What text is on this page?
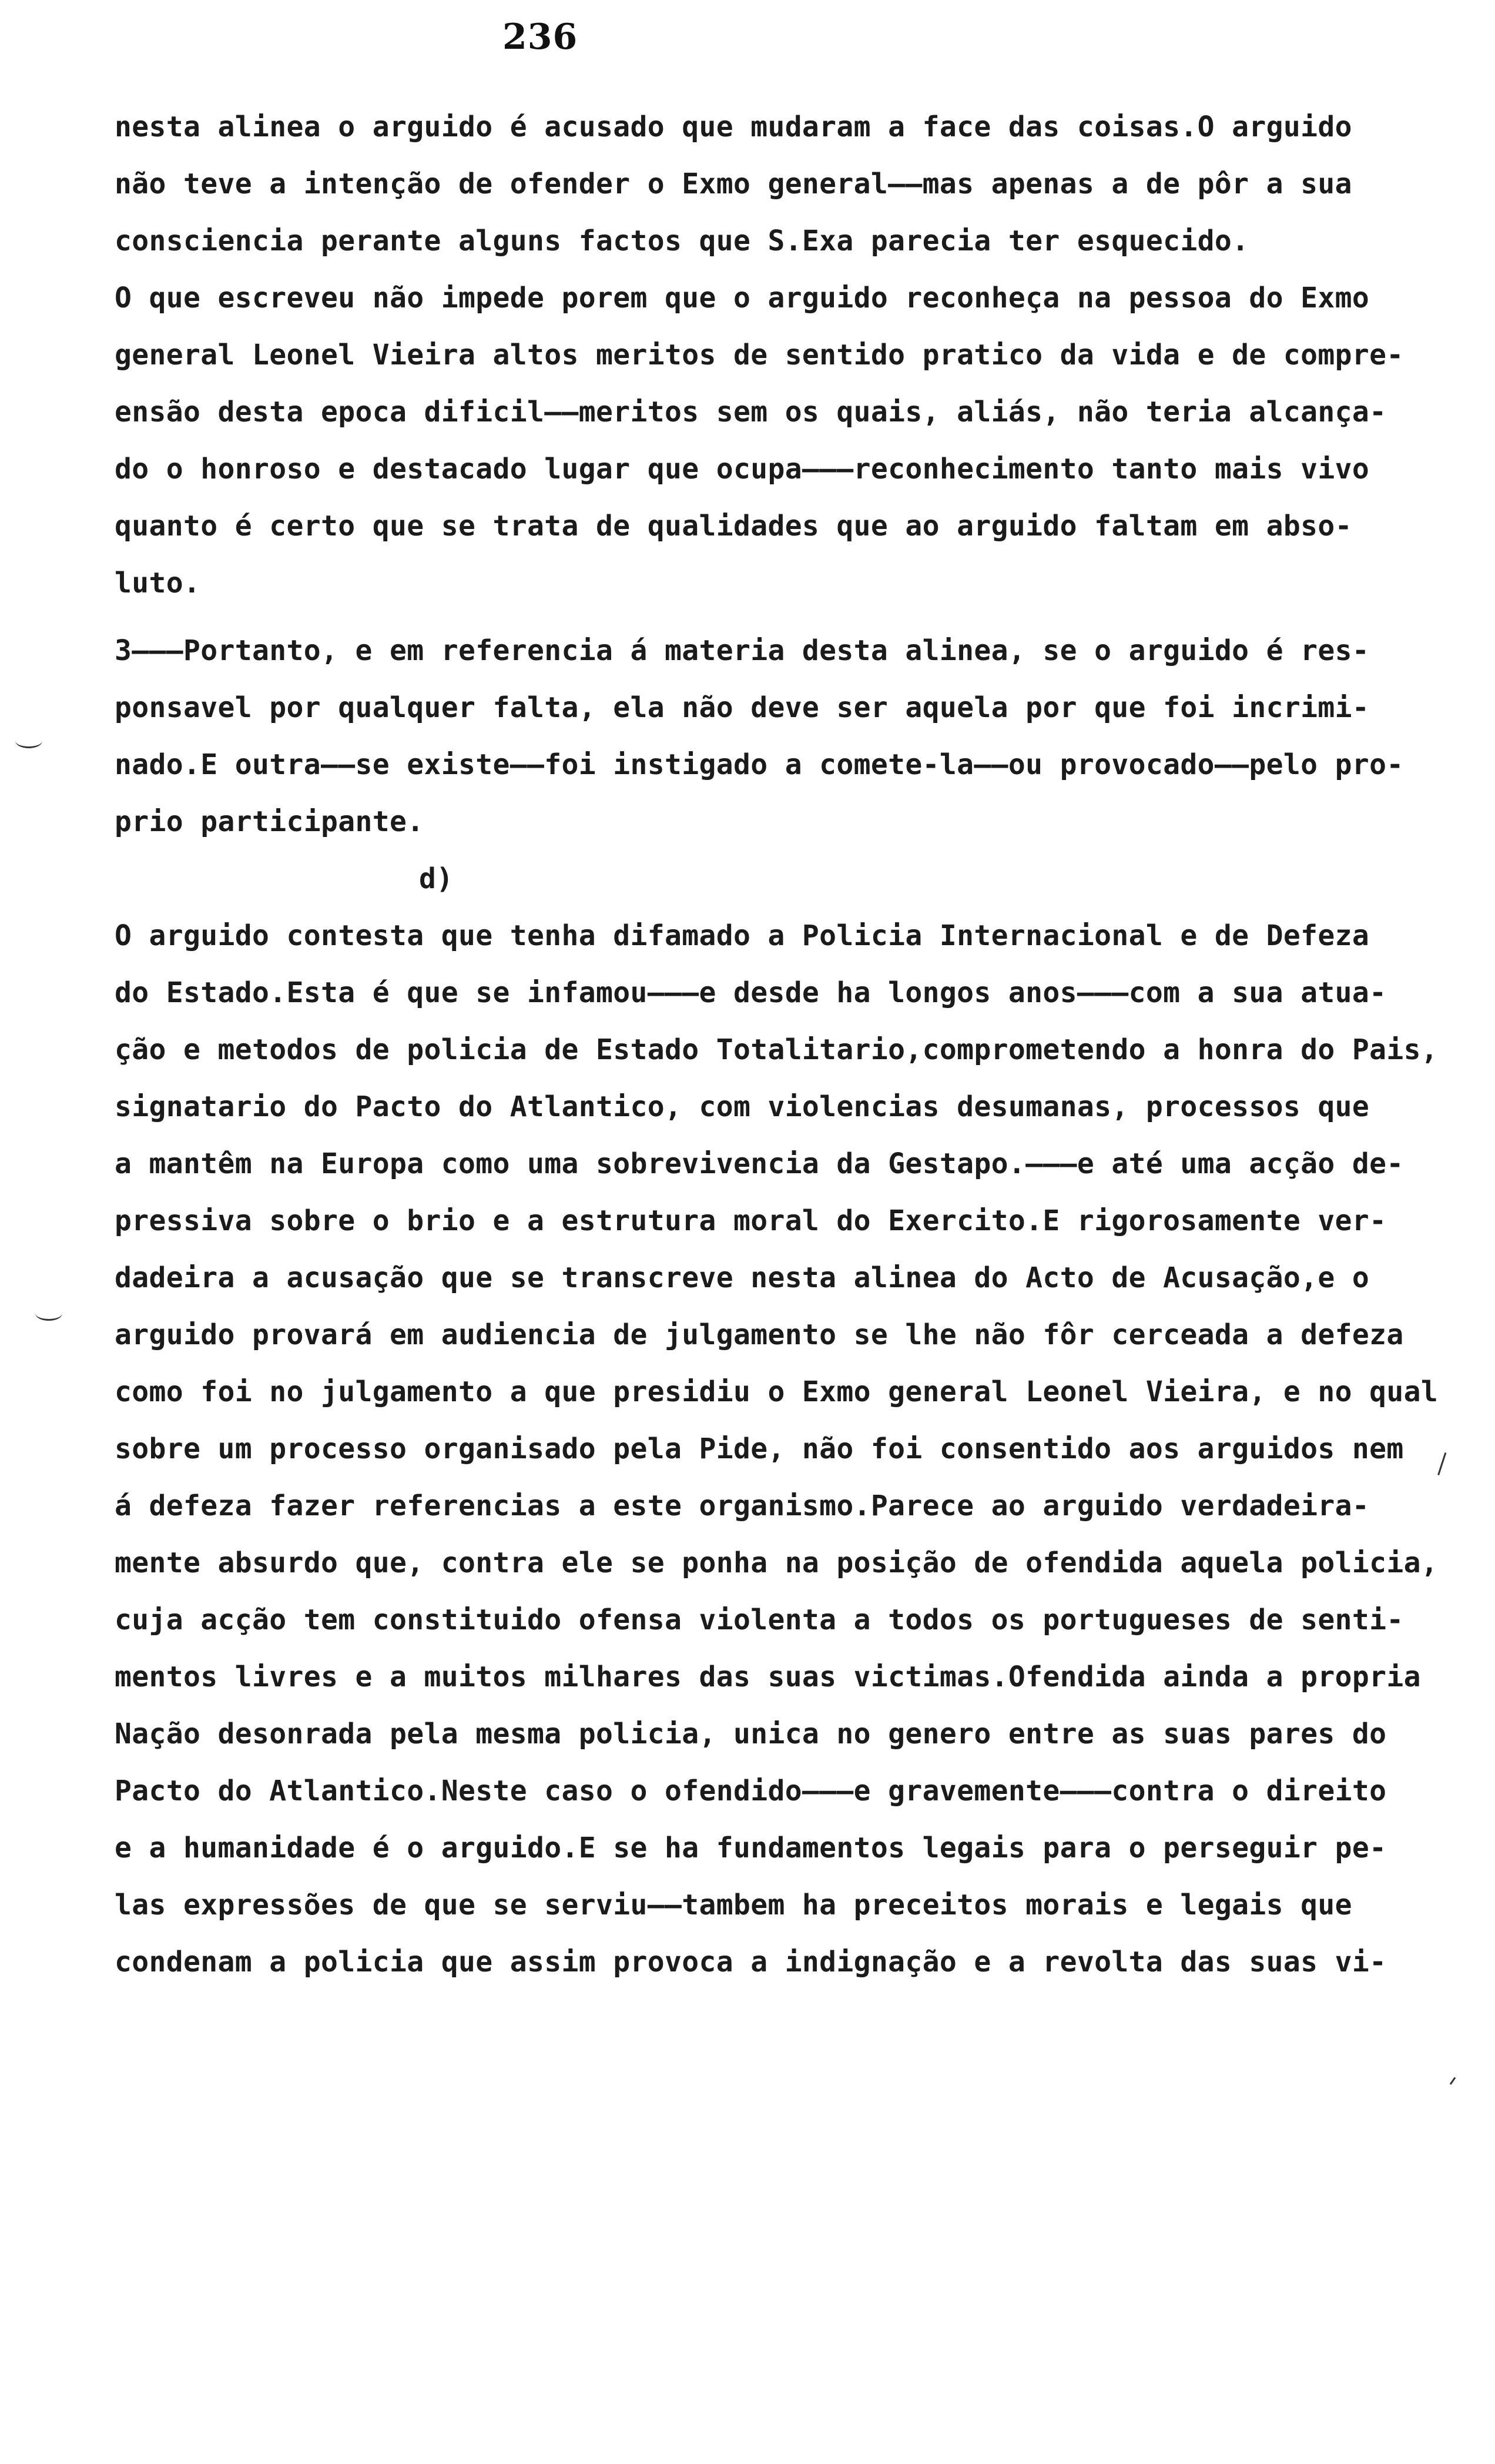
236
nesta alinea o arguido é acusado que mudaram a face das coisas.O arguido
não teve a intenção de ofender o Exmo general——mas apenas a de pôr a sua
consciencia perante alguns factos que S.Exa parecia ter esquecido.
O que escreveu não impede porem que o arguido reconheça na pessoa do Exmo
general Leonel Vieira altos meritos de sentido pratico da vida e de compre-
ensão desta epoca dificil——meritos sem os quais, aliás, não teria alcança-
do o honroso e destacado lugar que ocupa———reconhecimento tanto mais vivo
quanto é certo que se trata de qualidades que ao arguido faltam em abso-
luto.
3———Portanto, e em referencia á materia desta alinea, se o arguido é res-
ponsavel por qualquer falta, ela não deve ser aquela por que foi incrimi-
nado.E outra——se existe——foi instigado a comete-la——ou provocado——pelo pro-
prio participante.
d)
O arguido contesta que tenha difamado a Policia Internacional e de Defeza
do Estado.Esta é que se infamou———e desde ha longos anos———com a sua atua-
ção e metodos de policia de Estado Totalitario,comprometendo a honra do Pais,
signatario do Pacto do Atlantico, com violencias desumanas, processos que
a mantêm na Europa como uma sobrevivencia da Gestapo.———e até uma acção de-
pressiva sobre o brio e a estrutura moral do Exercito.E rigorosamente ver-
dadeira a acusação que se transcreve nesta alinea do Acto de Acusação,e o
arguido provará em audiencia de julgamento se lhe não fôr cerceada a defeza
como foi no julgamento a que presidiu o Exmo general Leonel Vieira, e no qual
sobre um processo organisado pela Pide, não foi consentido aos arguidos nem
á defeza fazer referencias a este organismo.Parece ao arguido verdadeira-
mente absurdo que, contra ele se ponha na posição de ofendida aquela policia,
cuja acção tem constituido ofensa violenta a todos os portugueses de senti-
mentos livres e a muitos milhares das suas victimas.Ofendida ainda a propria
Nação desonrada pela mesma policia, unica no genero entre as suas pares do
Pacto do Atlantico.Neste caso o ofendido———e gravemente———contra o direito
e a humanidade é o arguido.E se ha fundamentos legais para o perseguir pe-
las expressões de que se serviu——tambem ha preceitos morais e legais que
condenam a policia que assim provoca a indignação e a revolta das suas vi-
